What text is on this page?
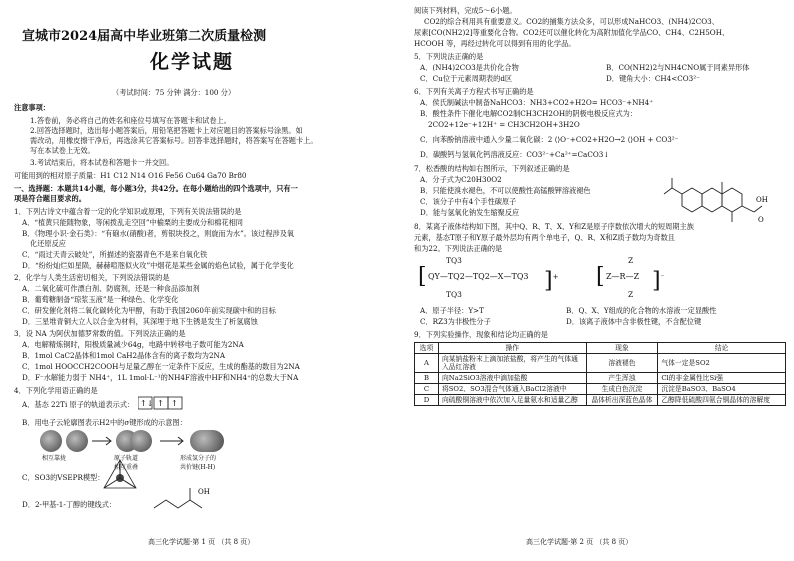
宣城市2024届高中毕业班第二次质量检测
化学试题
（考试时间：75 分钟 满分：100 分）
注意事项：
1.答卷前，务必将自己的姓名和座位号填写在答题卡和试卷上。
2.回答选择题时，选出每小题答案后，用铅笔把答题卡上对应题目的答案标号涂黑。如
需改动，用橡皮擦干净后，再选涂其它答案标号。回答非选择题时，将答案写在答题卡上。
写在本试卷上无效。
3.考试结束后，将本试卷和答题卡一并交回。
可能用到的相对原子质量：H1 C12 N14 O16 Fe56 Cu64 Ga70 Br80
一、选择题：本题共14小题，每小题3分，共42分。在每小题给出的四个选项中，只有一
项是符合题目要求的。
1．下列古诗文中蕴含着一定的化学知识或原理，下列有关说法错误的是
A．“植黄只能随物象，等闲拨乱走空回”中榆栗的主要成分和棉花相同
B．《物理小识·金石类》：“有硇水(硝酸)者，剪银块投之，则旋而为水”。该过程涉及氧
化还原反应
C．“雨过天青云破处”，所描述的瓷器青色不是来自氧化铁
D．“纷纷灿烂如星陨，赫赫喧豗似火攻”中烟花是某些金属的焰色试验，属于化学变化
2．化学与人类生活密切相关，下列说法错误的是
A．二氧化硫可作漂白剂、防腐剂，还是一种食品添加剂
B．葡萄糖制备“琼浆玉液”是一种绿色、化学变化
C．研发催化剂将二氧化碳转化为甲醇，有助于我国2060年前实现碳中和的目标
D．三星堆青铜大立人以合金为材料，其深埋于地下生锈是发生了析氢腐蚀
3．设 NA 为阿伏加德罗常数的值。下列说法正确的是
A．电解精炼铜时，阳极质量减少64g，电路中转移电子数可能为2NA
B．1mol CaC2晶体和1mol CaH2晶体含有的离子数均为2NA
C．1mol HOOCCH2COOH与足量乙醇在一定条件下反应，生成的酯基的数目为2NA
D．F⁻水解能力弱于 NH4⁺，1L 1mol·L⁻¹的NH4F溶液中HF和NH4⁺的总数大于NA
4．下列化学用语正确的是
A．基态 22Ti 原子的轨道表示式： ↑↓ ↑ ↑
B．用电子云轮廓图表示H2中的σ键形成的示意图：
相互靠拢	原子轨道
相互重叠
形成氢分子的
共价键(H-H)
C．SO3的VSEPR模型：
D．2-甲基-1-丁醇的键线式：
OH
高三化学试题·第 1 页 （共 8 页）
阅读下列材料，完成5～6小题。
CO2的综合利用具有重要意义。CO2的捕集方法众多，可以形成NaHCO3、(NH4)2CO3、
尿素[CO(NH2)2]等重要化合物。CO2还可以催化转化为高附加值化学品CO、CH4、C2H5OH、
HCOOH 等，再经过转化可以得到有用的化学品。
5．下列说法正确的是
A．(NH4)2CO3是共价化合物	B．CO(NH2)2与NH4CNO属于同素异形体
C．Cu位于元素周期表的d区	D．键角大小：CH4<CO3²⁻
6．下列有关离子方程式书写正确的是
A．侯氏制碱法中制备NaHCO3：NH3+CO2+H2O= HCO3⁻+NH4⁺
B．酸性条件下催化电解CO2制CH3CH2OH的阴极电极反应式为：
2CO2+12e⁻+12H⁺ = CH3CH2OH+3H2O
C．向苯酚钠溶液中通入少量二氧化碳：2 ⟨⟩O⁻+CO2+H2O→2 ⟨⟩OH + CO3²⁻
D．碳酸钙与氢氧化钙溶液反应：CO3²⁻+Ca²⁺=CaCO3↓
7．松香酸的结构如右图所示，下列叙述正确的是
A．分子式为C20H30O2
B．只能使溴水褪色，不可以使酸性高锰酸钾溶液褪色
C．该分子中有4个手性碳原子
D．能与氢氧化钠发生缩聚反应
OH
O
8．某离子液体结构如下图，其中Q、R、T、X、Y和Z是原子序数依次增大的短周期主族
元素，基态T原子和Y原子最外层均有两个单电子，Q、R、X和Z质子数均为奇数且
和为22。下列说法正确的是
TQ3
QY—TQ2—TQ2—X—TQ3
TQ3
[	]+ [
Z
Z—R—Z
Z
]⁻
A．原子半径：Y>T	B．Q、X、Y组成的化合物的水溶液一定显酸性
C．RZ3为非极性分子	D．该离子液体中含非极性键，不含配位键
9．下列实验操作、现象和结论均正确的是
选项	操作	现象	结论
A	向某钠盐粉末上滴加浓盐酸，将产生的气体通入品红溶液	溶液褪色	气体一定是SO2
B	向Na2SiO3溶液中滴加盐酸	产生浑浊	Cl的非金属性比Si强
C	将SO2、SO3混合气体通入BaCl2溶液中	生成白色沉淀	沉淀是BaSO3、BaSO4
D	向硫酸铜溶液中依次加入足量氨水和适量乙醇	晶体析出深蓝色晶体	乙醇降低硫酸四氨合铜晶体的溶解度
高三化学试题·第 2 页 （共 8 页）
